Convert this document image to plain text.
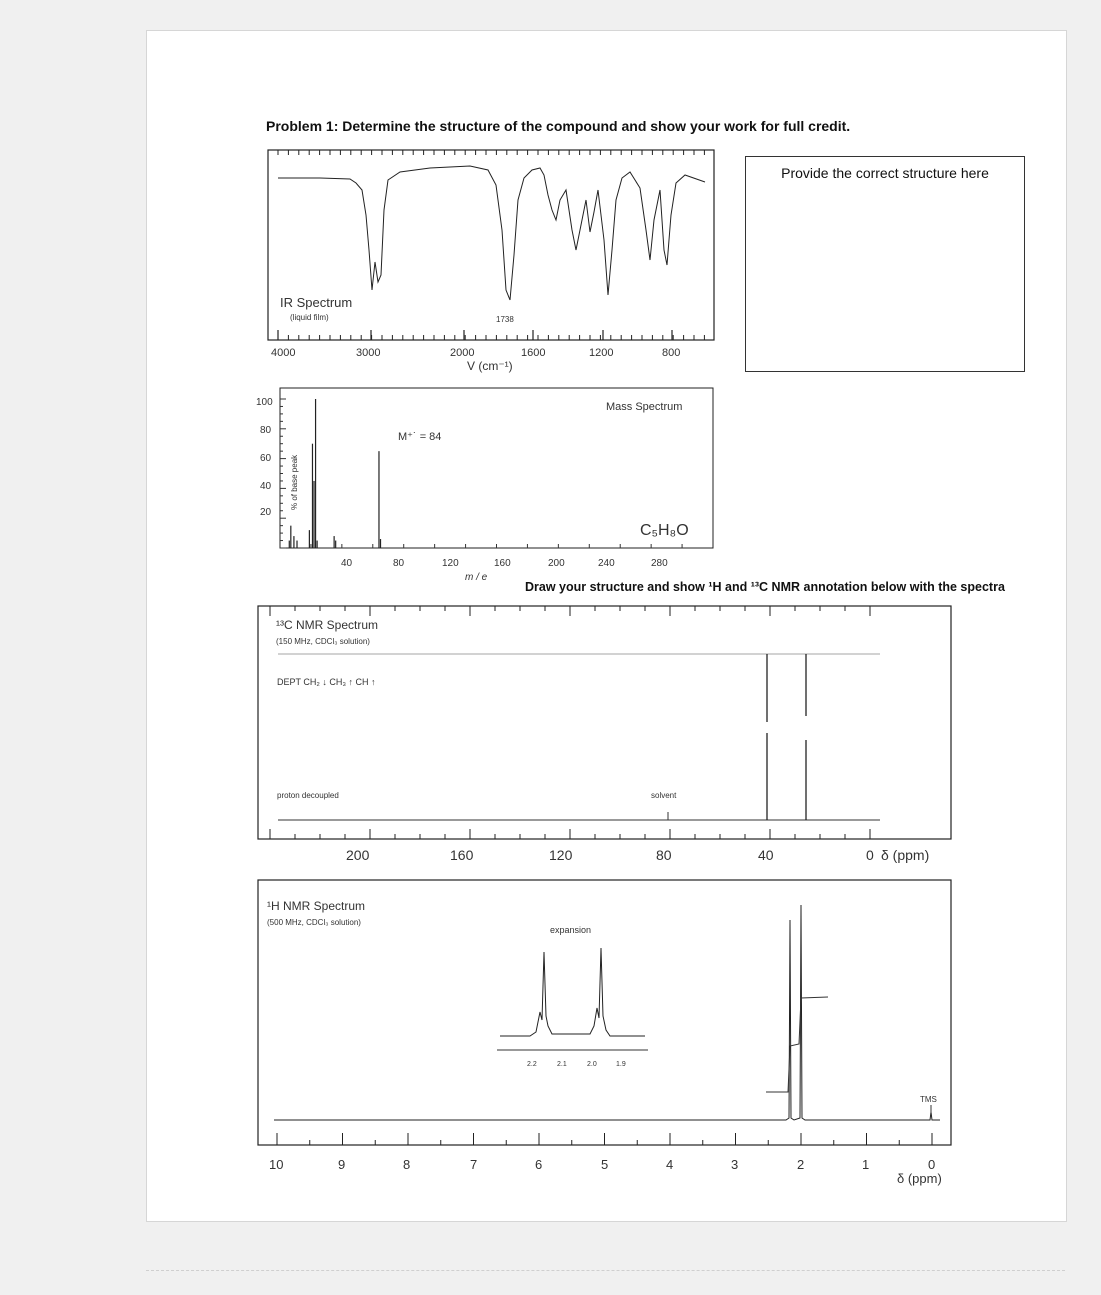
Problem 1: Determine the structure of the compound and show your work for full credit.
Provide the correct structure here
Draw your structure and show ¹H and ¹³C NMR annotation below with the spectra
IR Spectrum
(liquid film)	1738
4000	3000	2000	1600	1200	800
V (cm⁻¹)
Mass Spectrum
M⁺˙ = 84
C₅H₈O
% of base peak
100
80
60
40
20
40	80	120	160	200	240	280
m / e
¹³C NMR Spectrum
(150 MHz, CDCl₃ solution)
DEPT CH₂ ↓ CH₃ ↑ CH ↑
proton decoupled	solvent
200	160	120	80	40	0 δ (ppm)
expansion
2.2	2.1	2.0	1.9
¹H NMR Spectrum
(500 MHz, CDCl₃ solution)
TMS
10	9	8	7	6	5	4	3	2	1	0
δ (ppm)
